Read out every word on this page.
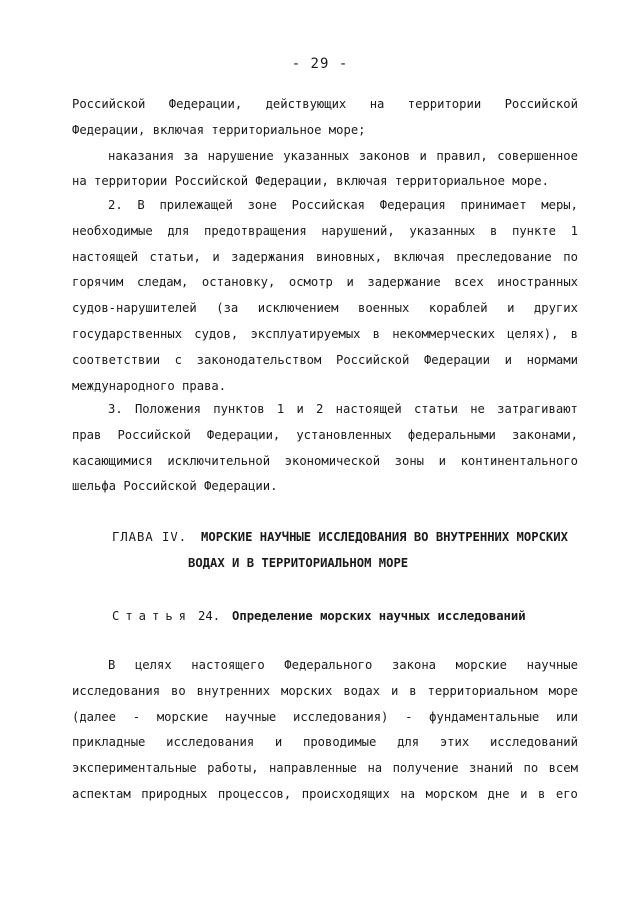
- 29 -
Российской Федерации, действующих на территории Российской
Федерации, включая территориальное море;
наказания за нарушение указанных законов и правил, совершенное
на территории Российской Федерации, включая территориальное море.
2. В прилежащей зоне Российская Федерация принимает меры,
необходимые для предотвращения нарушений, указанных в пункте 1
настоящей статьи, и задержания виновных, включая преследование по
горячим следам, остановку, осмотр и задержание всех иностранных
судов-нарушителей (за исключением военных кораблей и других
государственных судов, эксплуатируемых в некоммерческих целях), в
соответствии с законодательством Российской Федерации и нормами
международного права.
3. Положения пунктов 1 и 2 настоящей статьи не затрагивают
прав Российской Федерации, установленных федеральными законами,
касающимися исключительной экономической зоны и континентального
шельфа Российской Федерации.
ГЛАВА IV. МОРСКИЕ НАУЧНЫЕ ИССЛЕДОВАНИЯ ВО ВНУТРЕННИХ МОРСКИХ
ВОДАХ И В ТЕРРИТОРИАЛЬНОМ МОРЕ
Статья 24. Определение морских научных исследований
В целях настоящего Федерального закона морские научные
исследования во внутренних морских водах и в территориальном море
(далее - морские научные исследования) - фундаментальные или
прикладные исследования и проводимые для этих исследований
экспериментальные работы, направленные на получение знаний по всем
аспектам природных процессов, происходящих на морском дне и в его
